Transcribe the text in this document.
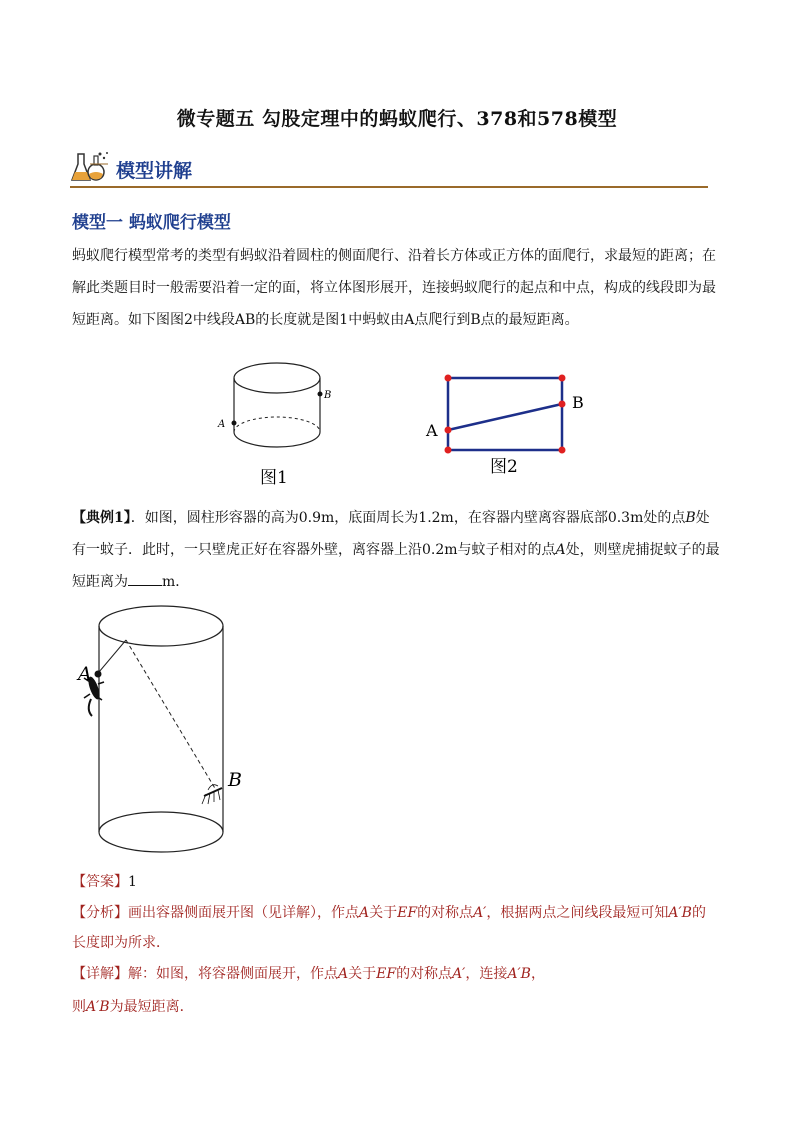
微专题五 勾股定理中的蚂蚁爬行、378和578模型
模型讲解
模型一 蚂蚁爬行模型
蚂蚁爬行模型常考的类型有蚂蚁沿着圆柱的侧面爬行、沿着长方体或正方体的面爬行，求最短的距离；在
解此类题目时一般需要沿着一定的面，将立体图形展开，连接蚂蚁爬行的起点和中点，构成的线段即为最
短距离。如下图图2中线段AB的长度就是图1中蚂蚁由A点爬行到B点的最短距离。
A
B
图1
A
B
图2
【典例1】．如图，圆柱形容器的高为0.9m，底面周长为1.2m，在容器内壁离容器底部0.3m处的点B处
有一蚊子．此时，一只壁虎正好在容器外壁，离容器上沿0.2m与蚊子相对的点A处，则壁虎捕捉蚊子的最
短距离为 m．
A
B
【答案】1
【分析】画出容器侧面展开图（见详解），作点A关于EF的对称点A′，根据两点之间线段最短可知A′B的
长度即为所求．
【详解】解：如图，将容器侧面展开，作点A关于EF的对称点A′，连接A′B，
则A′B为最短距离．
